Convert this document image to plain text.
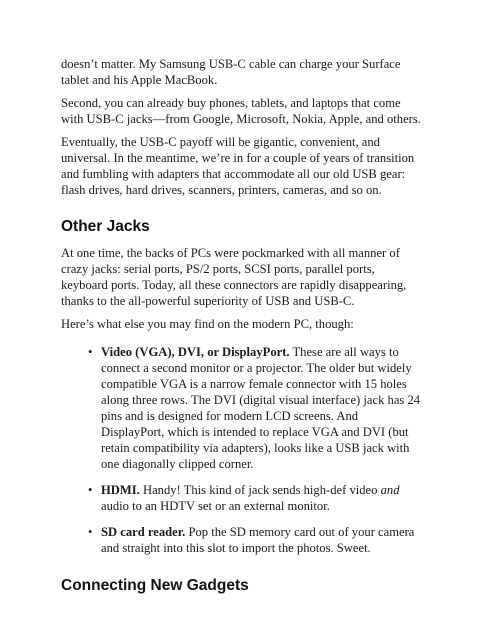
doesn’t matter. My Samsung USB-C cable can charge your Surface tablet and his Apple MacBook.

Second, you can already buy phones, tablets, and laptops that come with USB-C jacks—from Google, Microsoft, Nokia, Apple, and others.

Eventually, the USB-C payoff will be gigantic, convenient, and universal. In the meantime, we’re in for a couple of years of transition and fumbling with adapters that accommodate all our old USB gear: flash drives, hard drives, scanners, printers, cameras, and so on.

Other Jacks

At one time, the backs of PCs were pockmarked with all manner of crazy jacks: serial ports, PS/2 ports, SCSI ports, parallel ports, keyboard ports. Today, all these connectors are rapidly disappearing, thanks to the all-powerful superiority of USB and USB-C.

Here’s what else you may find on the modern PC, though:

• Video (VGA), DVI, or DisplayPort. These are all ways to connect a second monitor or a projector. The older but widely compatible VGA is a narrow female connector with 15 holes along three rows. The DVI (digital visual interface) jack has 24 pins and is designed for modern LCD screens. And DisplayPort, which is intended to replace VGA and DVI (but retain compatibility via adapters), looks like a USB jack with one diagonally clipped corner.
• HDMI. Handy! This kind of jack sends high-def video and audio to an HDTV set or an external monitor.
• SD card reader. Pop the SD memory card out of your camera and straight into this slot to import the photos. Sweet.
Connecting New Gadgets
